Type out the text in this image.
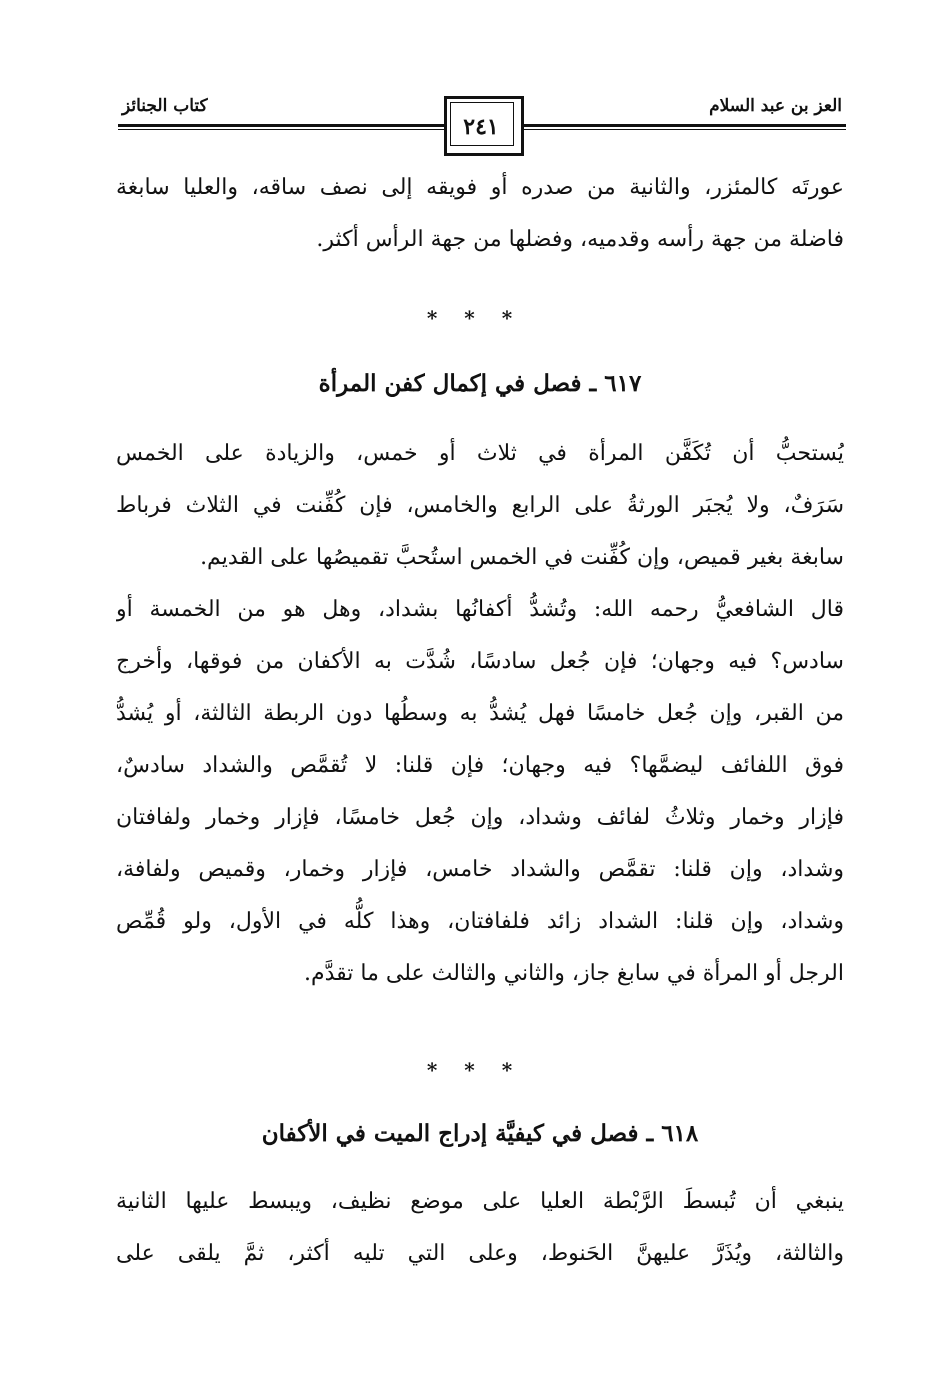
العز بن عبد السلام
كتاب الجنائز
٢٤١
عورتَه كالمئزر، والثانية من صدره أو فويقه إلى نصف ساقه، والعليا سابغة
فاضلة من جهة رأسه وقدميه، وفضلها من جهة الرأس أكثر.
* * *
٦١٧ ـ فصل في إكمال كفن المرأة
يُستحبُّ أن تُكَفَّن المرأة في ثلاث أو خمس، والزيادة على الخمس
سَرَفٌ، ولا يُجبَر الورثةُ على الرابع والخامس، فإن كُفِّنت في الثلاث فرباط
سابغة بغير قميص، وإن كُفِّنت في الخمس استُحبَّ تقميصُها على القديم.
قال الشافعيُّ رحمه الله: وتُشدُّ أكفانُها بشداد، وهل هو من الخمسة أو
سادس؟ فيه وجهان؛ فإن جُعل سادسًا، شُدَّت به الأكفان من فوقها، وأخرج
من القبر، وإن جُعل خامسًا فهل يُشدُّ به وسطُها دون الربطة الثالثة، أو يُشدُّ
فوق اللفائف ليضمَّها؟ فيه وجهان؛ فإن قلنا: لا تُقمَّص والشداد سادسٌ،
فإزار وخمار وثلاثُ لفائف وشداد، وإن جُعل خامسًا، فإزار وخمار ولفافتان
وشداد، وإن قلنا: تقمَّص والشداد خامس، فإزار وخمار، وقميص ولفافة،
وشداد، وإن قلنا: الشداد زائد فلفافتان، وهذا كلُّه في الأول، ولو قُمِّص
الرجل أو المرأة في سابغ جاز، والثاني والثالث على ما تقدَّم.
* * *
٦١٨ ـ فصل في كيفيَّة إدراج الميت في الأكفان
ينبغي أن تُبسطَ الرَّبْطة العليا على موضع نظيف، ويبسط عليها الثانية
والثالثة، ويُذَرَّ عليهنَّ الحَنوط، وعلى التي تليه أكثر، ثمَّ يلقى على
